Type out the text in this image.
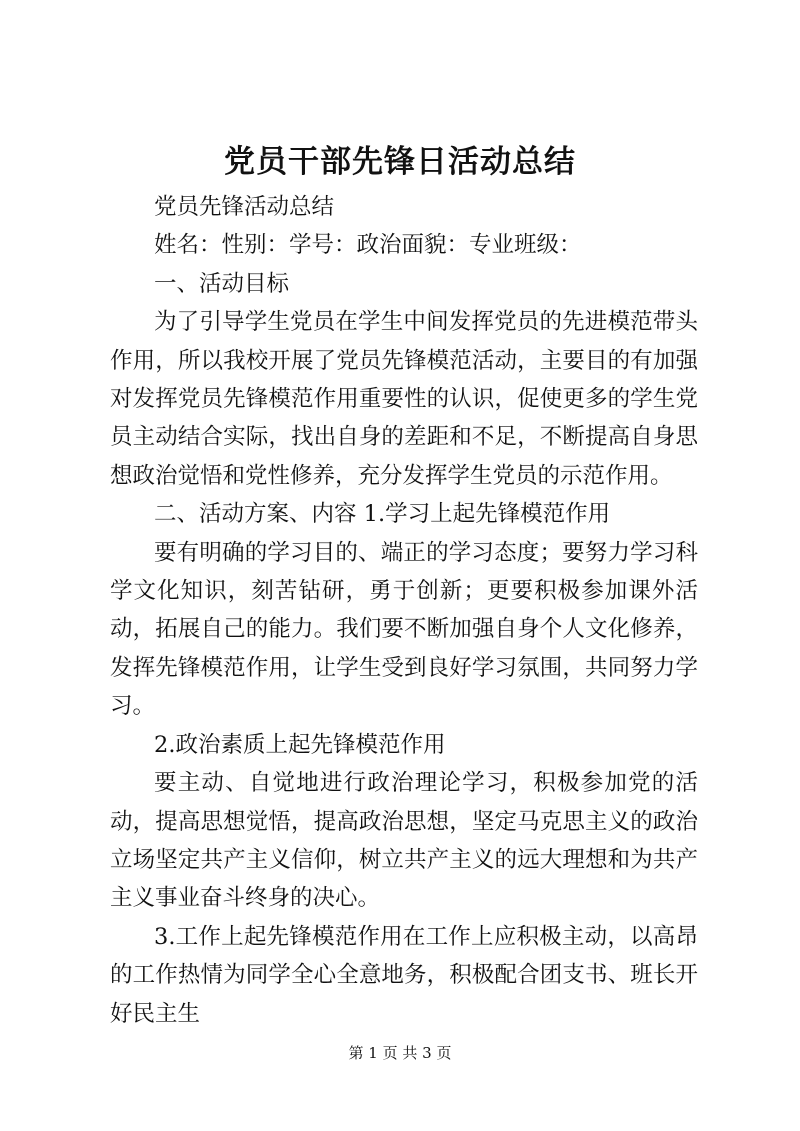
党员干部先锋日活动总结

党员先锋活动总结

姓名：性别：学号：政治面貌：专业班级：

一、活动目标

为了引导学生党员在学生中间发挥党员的先进模范带头作用，所以我校开展了党员先锋模范活动，主要目的有加强对发挥党员先锋模范作用重要性的认识，促使更多的学生党员主动结合实际，找出自身的差距和不足，不断提高自身思想政治觉悟和党性修养，充分发挥学生党员的示范作用。

二、活动方案、内容 1.学习上起先锋模范作用

要有明确的学习目的、端正的学习态度；要努力学习科学文化知识，刻苦钻研，勇于创新；更要积极参加课外活动，拓展自己的能力。我们要不断加强自身个人文化修养，发挥先锋模范作用，让学生受到良好学习氛围，共同努力学习。

2.政治素质上起先锋模范作用

要主动、自觉地进行政治理论学习，积极参加党的活动，提高思想觉悟，提高政治思想，坚定马克思主义的政治立场坚定共产主义信仰，树立共产主义的远大理想和为共产主义事业奋斗终身的决心。

3.工作上起先锋模范作用在工作上应积极主动，以高昂的工作热情为同学全心全意地务，积极配合团支书、班长开好民主生

第 1 页 共 3 页
